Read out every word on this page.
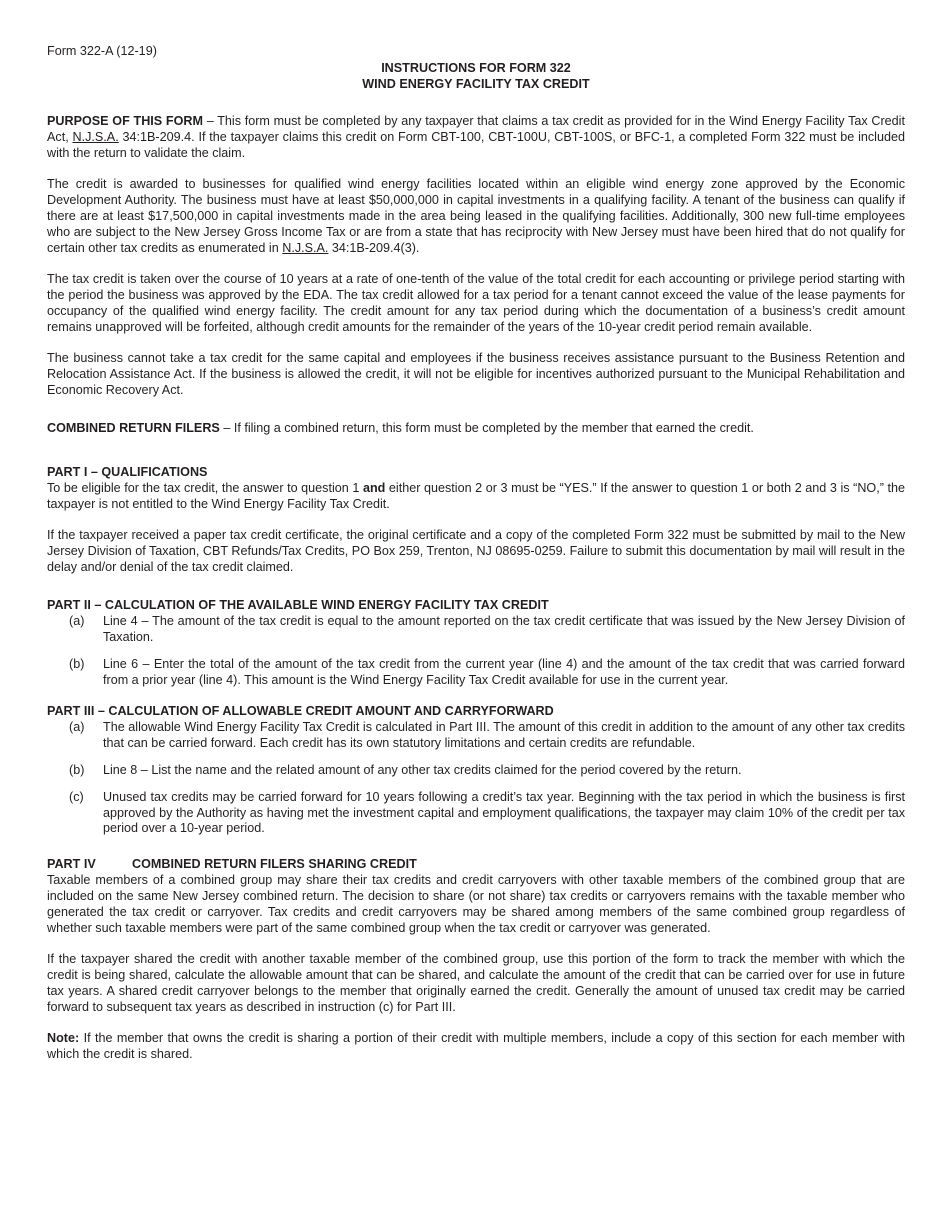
Form 322-A (12-19)
INSTRUCTIONS FOR FORM 322
WIND ENERGY FACILITY TAX CREDIT

PURPOSE OF THIS FORM – This form must be completed by any taxpayer that claims a tax credit as provided for in the Wind Energy Facility Tax Credit Act, N.J.S.A. 34:1B-209.4. If the taxpayer claims this credit on Form CBT-100, CBT-100U, CBT-100S, or BFC-1, a completed Form 322 must be included with the return to validate the claim.

The credit is awarded to businesses for qualified wind energy facilities located within an eligible wind energy zone approved by the Economic Development Authority. The business must have at least $50,000,000 in capital investments in a qualifying facility. A tenant of the business can qualify if there are at least $17,500,000 in capital investments made in the area being leased in the qualifying facilities. Additionally, 300 new full-time employees who are subject to the New Jersey Gross Income Tax or are from a state that has reciprocity with New Jersey must have been hired that do not qualify for certain other tax credits as enumerated in N.J.S.A. 34:1B-209.4(3).

The tax credit is taken over the course of 10 years at a rate of one-tenth of the value of the total credit for each accounting or privilege period starting with the period the business was approved by the EDA. The tax credit allowed for a tax period for a tenant cannot exceed the value of the lease payments for occupancy of the qualified wind energy facility. The credit amount for any tax period during which the documentation of a business’s credit amount remains unapproved will be forfeited, although credit amounts for the remainder of the years of the 10-year credit period remain available.

The business cannot take a tax credit for the same capital and employees if the business receives assistance pursuant to the Business Retention and Relocation Assistance Act. If the business is allowed the credit, it will not be eligible for incentives authorized pursuant to the Municipal Rehabilitation and Economic Recovery Act.

COMBINED RETURN FILERS – If filing a combined return, this form must be completed by the member that earned the credit.

PART I – QUALIFICATIONS

To be eligible for the tax credit, the answer to question 1 and either question 2 or 3 must be “YES.” If the answer to question 1 or both 2 and 3 is “NO,” the taxpayer is not entitled to the Wind Energy Facility Tax Credit.

If the taxpayer received a paper tax credit certificate, the original certificate and a copy of the completed Form 322 must be submitted by mail to the New Jersey Division of Taxation, CBT Refunds/Tax Credits, PO Box 259, Trenton, NJ 08695-0259. Failure to submit this documentation by mail will result in the delay and/or denial of the tax credit claimed.

PART II – CALCULATION OF THE AVAILABLE WIND ENERGY FACILITY TAX CREDIT
(a)	Line 4 – The amount of the tax credit is equal to the amount reported on the tax credit certificate that was issued by the New Jersey Division of Taxation.
(b)	Line 6 – Enter the total of the amount of the tax credit from the current year (line 4) and the amount of the tax credit that was carried forward from a prior year (line 4). This amount is the Wind Energy Facility Tax Credit available for use in the current year.
PART III – CALCULATION OF ALLOWABLE CREDIT AMOUNT AND CARRYFORWARD
(a)	The allowable Wind Energy Facility Tax Credit is calculated in Part III. The amount of this credit in addition to the amount of any other tax credits that can be carried forward. Each credit has its own statutory limitations and certain credits are refundable.
(b)	Line 8 – List the name and the related amount of any other tax credits claimed for the period covered by the return.
(c)	Unused tax credits may be carried forward for 10 years following a credit’s tax year. Beginning with the tax period in which the business is first approved by the Authority as having met the investment capital and employment qualifications, the taxpayer may claim 10% of the credit per tax period over a 10-year period.
PART IV	COMBINED RETURN FILERS SHARING CREDIT

Taxable members of a combined group may share their tax credits and credit carryovers with other taxable members of the combined group that are included on the same New Jersey combined return. The decision to share (or not share) tax credits or carryovers remains with the taxable member who generated the tax credit or carryover. Tax credits and credit carryovers may be shared among members of the same combined group regardless of whether such taxable members were part of the same combined group when the tax credit or carryover was generated.

If the taxpayer shared the credit with another taxable member of the combined group, use this portion of the form to track the member with which the credit is being shared, calculate the allowable amount that can be shared, and calculate the amount of the credit that can be carried over for use in future tax years. A shared credit carryover belongs to the member that originally earned the credit. Generally the amount of unused tax credit may be carried forward to subsequent tax years as described in instruction (c) for Part III.

Note: If the member that owns the credit is sharing a portion of their credit with multiple members, include a copy of this section for each member with which the credit is shared.
